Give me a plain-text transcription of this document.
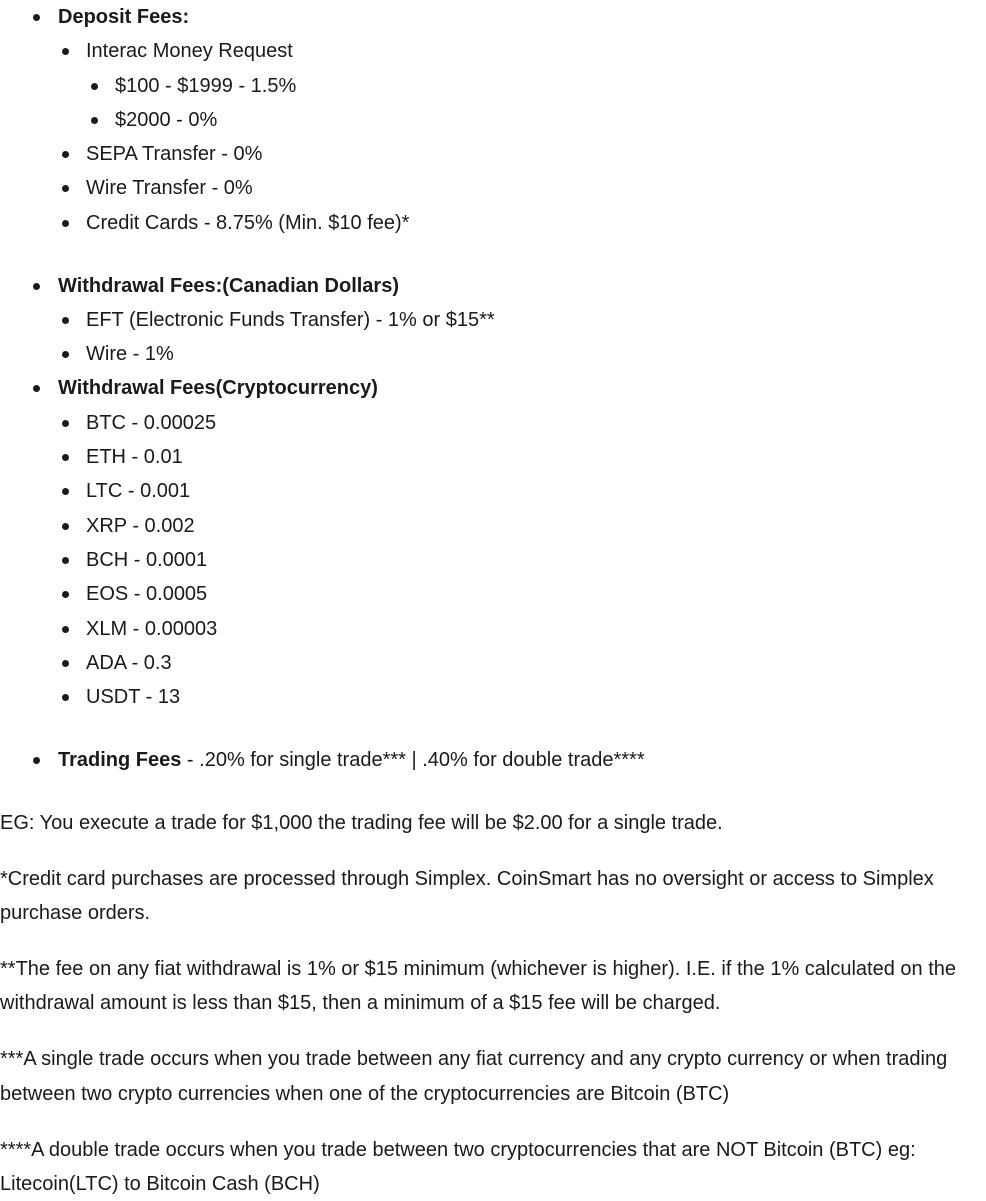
Deposit Fees:
Interac Money Request
$100 - $1999 - 1.5%
$2000 - 0%
SEPA Transfer - 0%
Wire Transfer - 0%
Credit Cards - 8.75% (Min. $10 fee)*
Withdrawal Fees:(Canadian Dollars)
EFT (Electronic Funds Transfer) - 1% or $15**
Wire - 1%
Withdrawal Fees(Cryptocurrency)
BTC - 0.00025
ETH - 0.01
LTC - 0.001
XRP - 0.002
BCH - 0.0001
EOS - 0.0005
XLM - 0.00003
ADA - 0.3
USDT - 13
Trading Fees - .20% for single trade*** | .40% for double trade****

EG: You execute a trade for $1,000 the trading fee will be $2.00 for a single trade.

*Credit card purchases are processed through Simplex. CoinSmart has no oversight or access to Simplex purchase orders.

**The fee on any fiat withdrawal is 1% or $15 minimum (whichever is higher). I.E. if the 1% calculated on the withdrawal amount is less than $15, then a minimum of a $15 fee will be charged.

***A single trade occurs when you trade between any fiat currency and any crypto currency or when trading between two crypto currencies when one of the cryptocurrencies are Bitcoin (BTC)

****A double trade occurs when you trade between two cryptocurrencies that are NOT Bitcoin (BTC) eg: Litecoin(LTC) to Bitcoin Cash (BCH)
